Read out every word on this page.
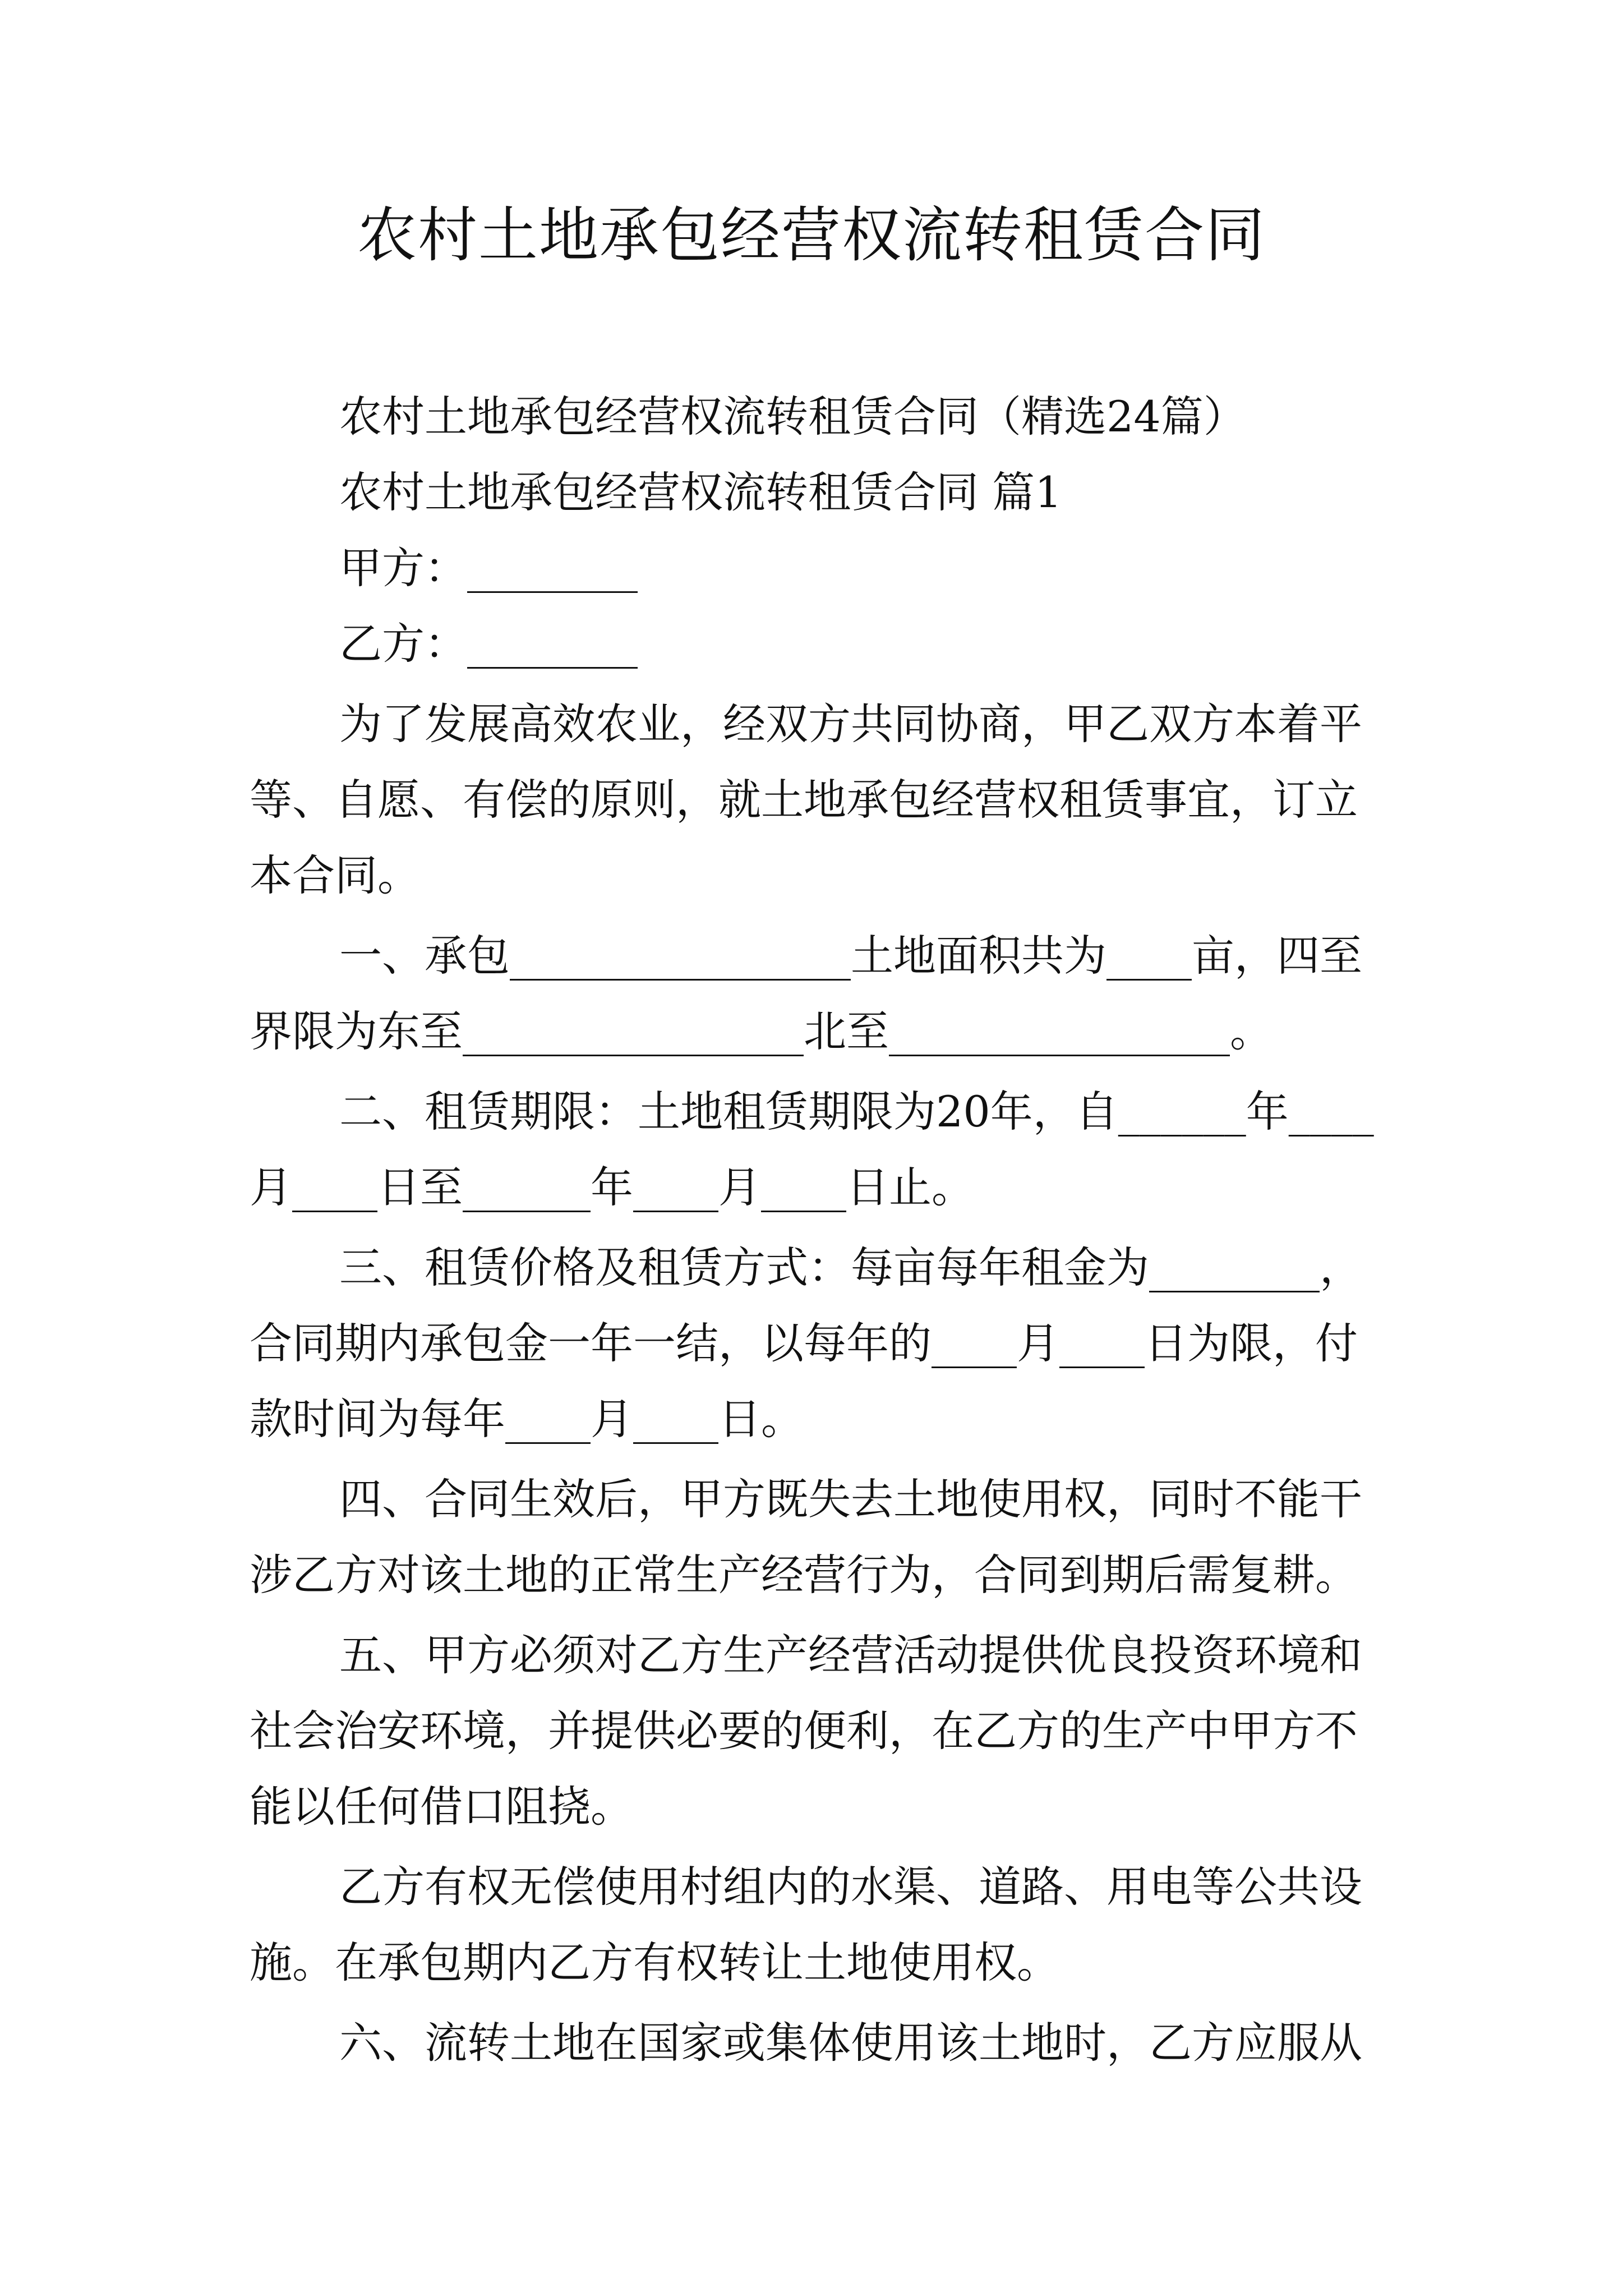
农村土地承包经营权流转租赁合同

农村土地承包经营权流转租赁合同（精选24篇）

农村土地承包经营权流转租赁合同 篇1

甲方：________

乙方：________

为了发展高效农业，经双方共同协商，甲乙双方本着平等、自愿、有偿的原则，就土地承包经营权租赁事宜，订立本合同。

一、承包________________土地面积共为____亩，四至界限为东至________________北至________________。

二、租赁期限：土地租赁期限为20年，自______年____月____日至______年____月____日止。

三、租赁价格及租赁方式：每亩每年租金为________，合同期内承包金一年一结，以每年的____月____日为限，付款时间为每年____月____日。

四、合同生效后，甲方既失去土地使用权，同时不能干涉乙方对该土地的正常生产经营行为，合同到期后需复耕。

五、甲方必须对乙方生产经营活动提供优良投资环境和社会治安环境，并提供必要的便利，在乙方的生产中甲方不能以任何借口阻挠。

乙方有权无偿使用村组内的水渠、道路、用电等公共设施。在承包期内乙方有权转让土地使用权。

六、流转土地在国家或集体使用该土地时，乙方应服从
